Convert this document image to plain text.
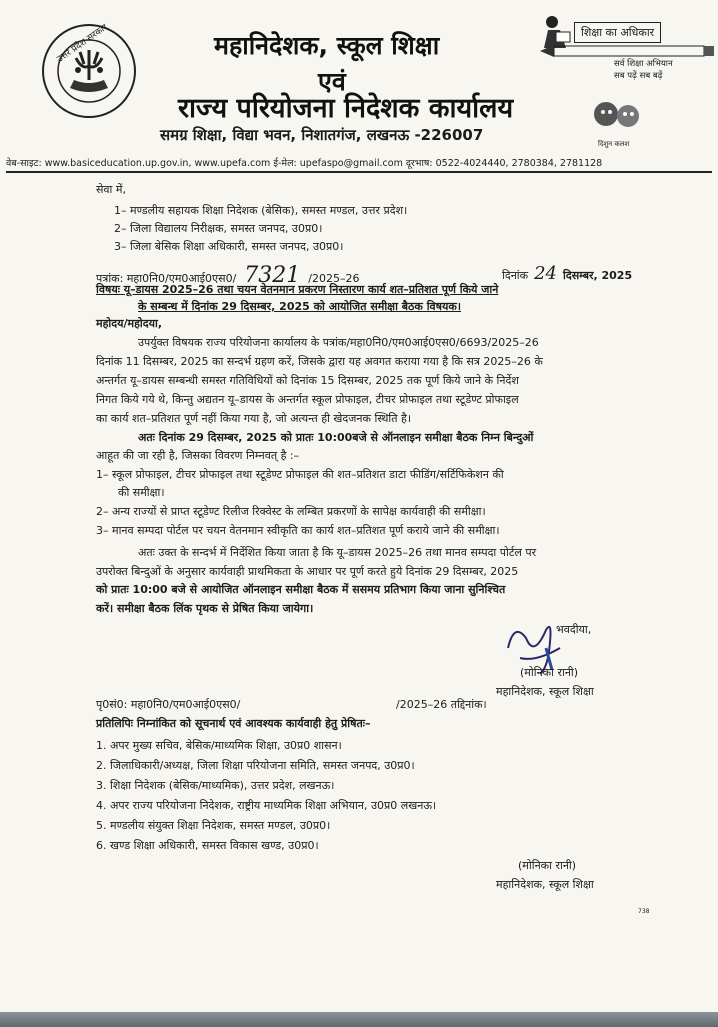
उत्तर प्रदेश सरकार	महानिदेशक, स्कूल शिक्षा
एवं
राज्य परियोजना निदेशक कार्यालय
समग्र शिक्षा, विद्या भवन, निशातगंज, लखनऊ -226007
शिक्षा का अधिकार
सर्व शिक्षा अभियान
सब पढ़ें सब बढ़ें
दिशुन कलश
वेब-साइट: www.basiceducation.up.gov.in, www.upefa.com ई-मेल: upefaspo@gmail.com दूरभाष: 0522-4024440, 2780384, 2781128
सेवा में,
1– मण्डलीय सहायक शिक्षा निदेशक (बेसिक), समस्त मण्डल, उत्तर प्रदेश।
2– जिला विद्यालय निरीक्षक, समस्त जनपद, उ0प्र0।
3– जिला बेसिक शिक्षा अधिकारी, समस्त जनपद, उ0प्र0।
पत्रांक: महा0नि0/एम0आई0एस0/ 7321 /2025–26	दिनांक 24 दिसम्बर, 2025
विषयः यू–डायस 2025–26 तथा चयन वेतनमान प्रकरण निस्तारण कार्य शत–प्रतिशत पूर्ण किये जाने
के सम्बन्ध में दिनांक 29 दिसम्बर, 2025 को आयोजित समीक्षा बैठक विषयक।
महोदय/महोदया,
उपर्युक्त विषयक राज्य परियोजना कार्यालय के पत्रांक/महा0नि0/एम0आई0एस0/6693/2025–26
दिनांक 11 दिसम्बर, 2025 का सन्दर्भ ग्रहण करें, जिसके द्वारा यह अवगत कराया गया है कि सत्र 2025–26 के
अन्तर्गत यू–डायस सम्बन्धी समस्त गतिविधियों को दिनांक 15 दिसम्बर, 2025 तक पूर्ण किये जाने के निर्देश
निगत किये गये थे, किन्तु अद्यतन यू–डायस के अन्तर्गत स्कूल प्रोफाइल, टीचर प्रोफाइल तथा स्टूडेण्ट प्रोफाइल
का कार्य शत–प्रतिशत पूर्ण नहीं किया गया है, जो अत्यन्त ही खेदजनक स्थिति है।
अतः दिनांक 29 दिसम्बर, 2025 को प्रातः 10:00बजे से ऑनलाइन समीक्षा बैठक निम्न बिन्दुओं
आहूत की जा रही है, जिसका विवरण निम्नवत् है :–
1– स्कूल प्रोफाइल, टीचर प्रोफाइल तथा स्टूडेण्ट प्रोफाइल की शत–प्रतिशत डाटा फीडिंग/सर्टिफिकेशन की
की समीक्षा।
2– अन्य राज्यों से प्राप्त स्टूडेण्ट रिलीज रिक्वेस्ट के लम्बित प्रकरणों के सापेक्ष कार्यवाही की समीक्षा।
3– मानव सम्पदा पोर्टल पर चयन वेतनमान स्वीकृति का कार्य शत–प्रतिशत पूर्ण कराये जाने की समीक्षा।
अतः उक्त के सन्दर्भ में निर्देशित किया जाता है कि यू–डायस 2025–26 तथा मानव सम्पदा पोर्टल पर
उपरोक्त बिन्दुओं के अनुसार कार्यवाही प्राथमिकता के आधार पर पूर्ण करते हुये दिनांक 29 दिसम्बर, 2025
को प्रातः 10:00 बजे से आयोजित ऑनलाइन समीक्षा बैठक में ससमय प्रतिभाग किया जाना सुनिश्चित
करें। समीक्षा बैठक लिंक पृथक से प्रेषित किया जायेगा।
भवदीया,
(मोनिका रानी)
महानिदेशक, स्कूल शिक्षा
पृ0सं0: महा0नि0/एम0आई0एस0/	/2025–26 तद्दिनांक।
प्रतिलिपिः निम्नांकित को सूचनार्थ एवं आवश्यक कार्यवाही हेतु प्रेषितः–
1. अपर मुख्य सचिव, बेसिक/माध्यमिक शिक्षा, उ0प्र0 शासन।
2. जिलाधिकारी/अध्यक्ष, जिला शिक्षा परियोजना समिति, समस्त जनपद, उ0प्र0।
3. शिक्षा निदेशक (बेसिक/माध्यमिक), उत्तर प्रदेश, लखनऊ।
4. अपर राज्य परियोजना निदेशक, राष्ट्रीय माध्यमिक शिक्षा अभियान, उ0प्र0 लखनऊ।
5. मण्डलीय संयुक्त शिक्षा निदेशक, समस्त मण्डल, उ0प्र0।
6. खण्ड शिक्षा अधिकारी, समस्त विकास खण्ड, उ0प्र0।
(मोनिका रानी)
महानिदेशक, स्कूल शिक्षा
738
